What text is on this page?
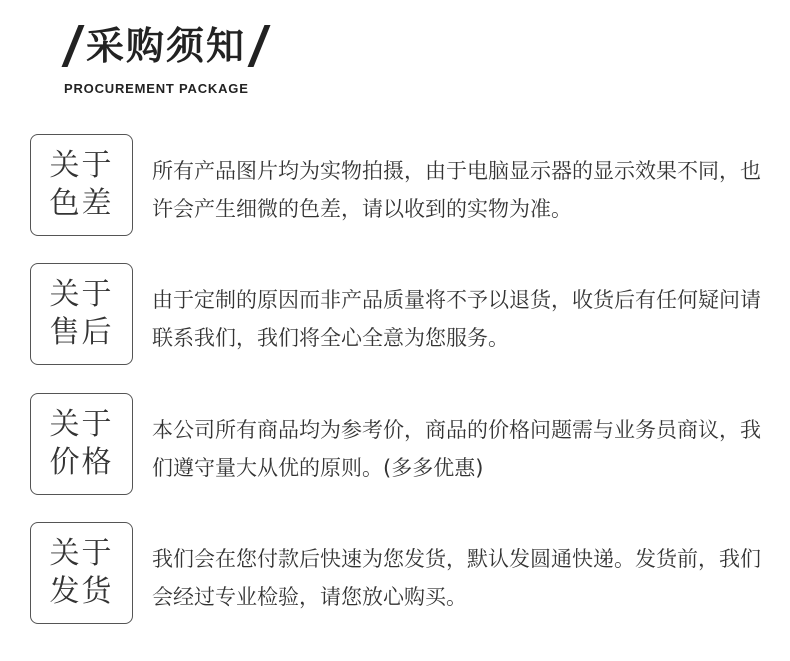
采购须知
PROCUREMENT PACKAGE
关于
色差
所有产品图片均为实物拍摄，由于电脑显示器的显示效果不同，也许会产生细微的色差，请以收到的实物为准。
关于
售后
由于定制的原因而非产品质量将不予以退货，收货后有任何疑问请联系我们，我们将全心全意为您服务。
关于
价格
本公司所有商品均为参考价，商品的价格问题需与业务员商议，我们遵守量大从优的原则。(多多优惠)
关于
发货
我们会在您付款后快速为您发货，默认发圆通快递。发货前，我们会经过专业检验，请您放心购买。
